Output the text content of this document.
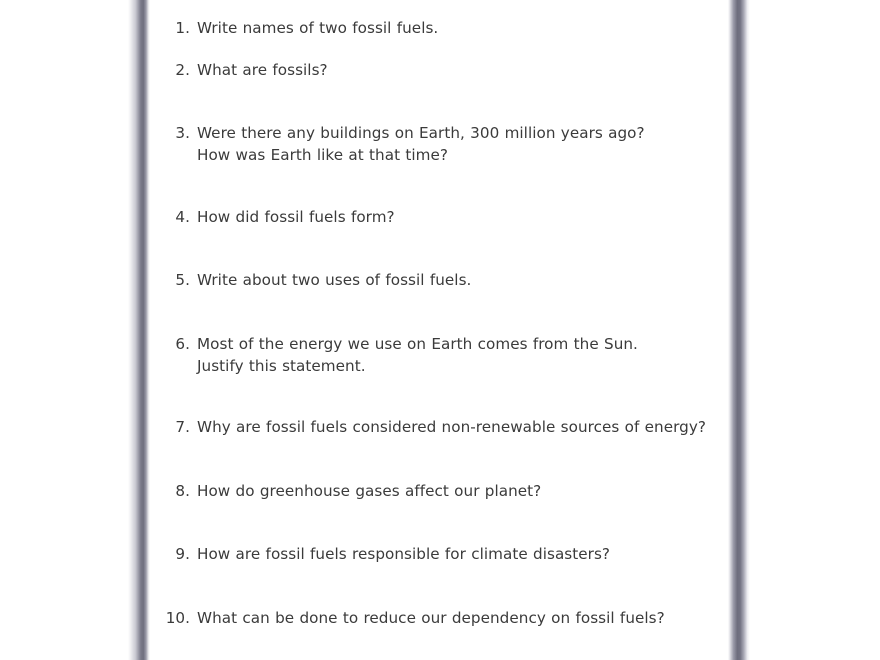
1. Write names of two fossil fuels.
2. What are fossils?
3. Were there any buildings on Earth, 300 million years ago? How was Earth like at that time?
4. How did fossil fuels form?
5. Write about two uses of fossil fuels.
6. Most of the energy we use on Earth comes from the Sun. Justify this statement.
7. Why are fossil fuels considered non-renewable sources of energy?
8. How do greenhouse gases affect our planet?
9. How are fossil fuels responsible for climate disasters?
10. What can be done to reduce our dependency on fossil fuels?
